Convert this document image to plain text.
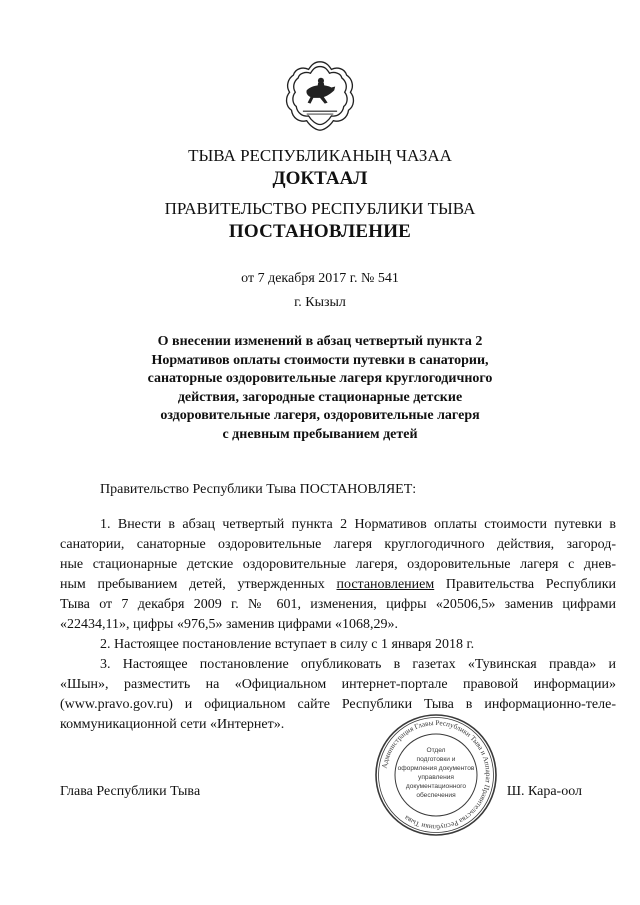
ТЫВА РЕСПУБЛИКАНЫҢ ЧАЗАА
ДОКТААЛ
ПРАВИТЕЛЬСТВО РЕСПУБЛИКИ ТЫВА
ПОСТАНОВЛЕНИЕ
от 7 декабря 2017 г. № 541
г. Кызыл
О внесении изменений в абзац четвертый пункта 2
Нормативов оплаты стоимости путевки в санатории,
санаторные оздоровительные лагеря круглогодичного
действия, загородные стационарные детские
оздоровительные лагеря, оздоровительные лагеря
с дневным пребыванием детей
Правительство Республики Тыва ПОСТАНОВЛЯЕТ:
1. Внести в абзац четвертый пункта 2 Нормативов оплаты стоимости путевки в
санатории, санаторные оздоровительные лагеря круглогодичного действия, загород-
ные стационарные детские оздоровительные лагеря, оздоровительные лагеря с днев-
ным пребыванием детей, утвержденных постановлением Правительства Республики
Тыва от 7 декабря 2009 г. № 601, изменения, цифры «20506,5» заменив цифрами
«22434,11», цифры «976,5» заменив цифрами «1068,29».
2. Настоящее постановление вступает в силу с 1 января 2018 г.
3. Настоящее постановление опубликовать в газетах «Тувинская правда» и
«Шын», разместить на «Официальном интернет-портале правовой информации»
(www.pravo.gov.ru) и официальном сайте Республики Тыва в информационно-теле-
коммуникационной сети «Интернет».
Администрация Главы Республики Тыва и Аппарат Правительства Республики Тыва
Отдел
подготовки и
оформления документов
управления
документационного
обеспечения
Глава Республики Тывa	Ш. Кара-оол
